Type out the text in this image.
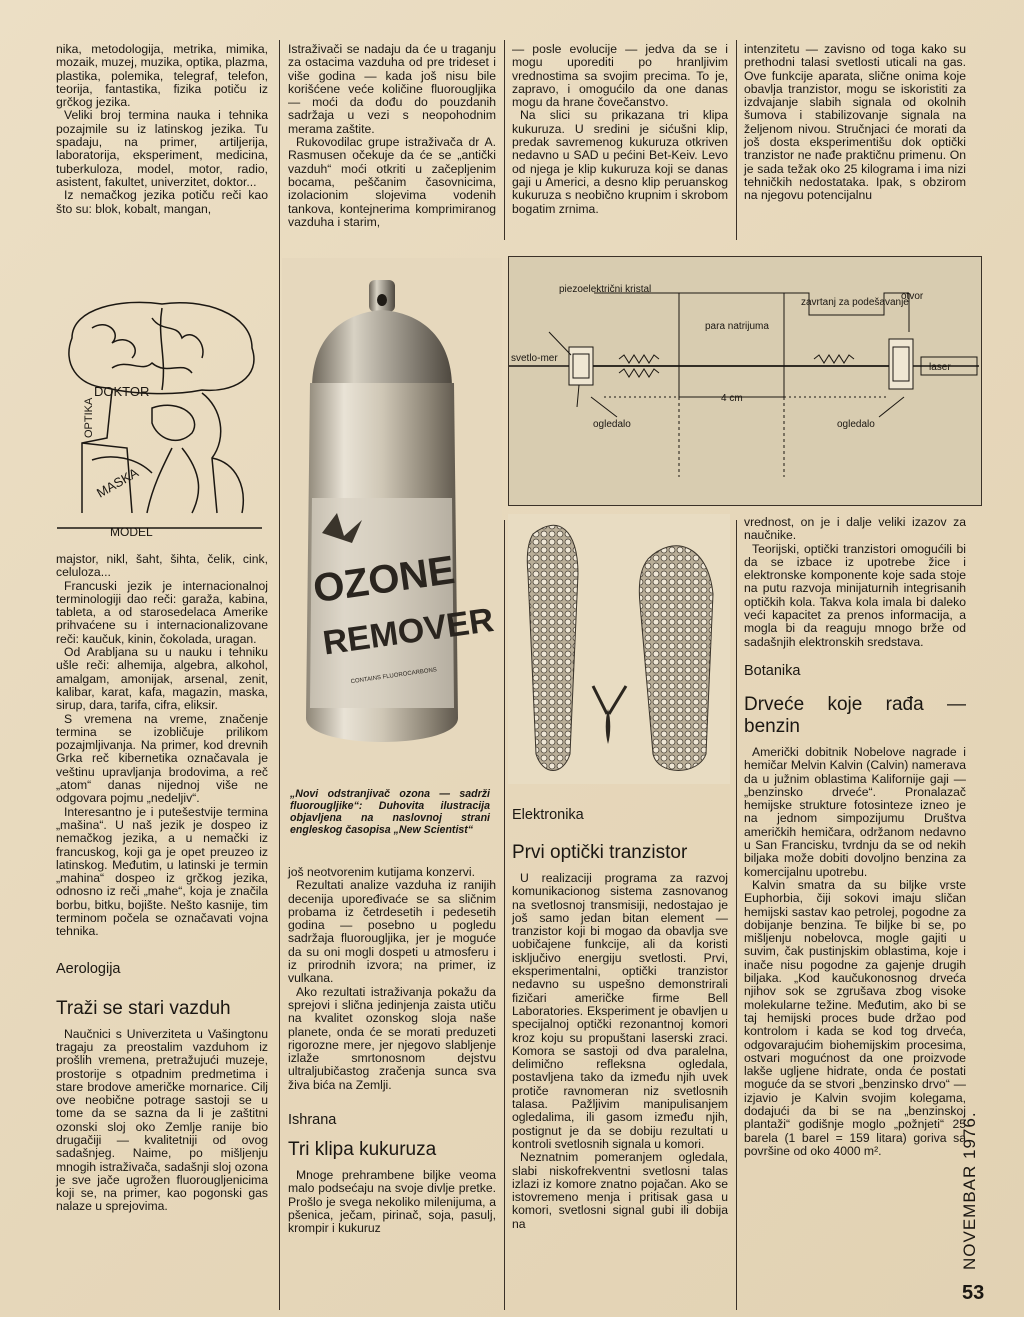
nika, metodologija, metrika, mimika, mozaik, muzej, muzika, optika, plazma, plastika, polemika, telegraf, telefon, teorija, fantastika, fizika potiču iz grčkog jezika.

Veliki broj termina nauka i tehnika pozajmile su iz latinskog jezika. Tu spadaju, na primer, artiljerija, laboratorija, eksperiment, medicina, tuberkuloza, model, motor, radio, asistent, fakultet, univerzitet, doktor...

Iz nemačkog jezika potiču reči kao što su: blok, kobalt, mangan,

DOKTOR
OPTIKA
MASKA
MODEL

majstor, nikl, šaht, šihta, čelik, cink, celuloza...

Francuski jezik je internacionalnoj terminologiji dao reči: garaža, kabina, tableta, a od starosedelaca Amerike prihvaćene su i internacionalizovane reči: kaučuk, kinin, čokolada, uragan.

Od Arabljana su u nauku i tehniku ušle reči: alhemija, algebra, alkohol, amalgam, amonijak, arsenal, zenit, kalibar, karat, kafa, magazin, maska, sirup, dara, tarifa, cifra, eliksir.

S vremena na vreme, značenje termina se izobličuje prilikom pozajmljivanja. Na primer, kod drevnih Grka reč kibernetika označavala je veštinu upravljanja brodovima, a reč „atom“ danas nijednoj više ne odgovara pojmu „nedeljiv“.

Interesantno je i putešestvije termina „mašina“. U naš jezik je dospeo iz nemačkog jezika, a u nemački iz francuskog, koji ga je opet preuzeo iz latinskog. Međutim, u latinski je termin „mahina“ dospeo iz grčkog jezika, odnosno iz reči „mahe“, koja je značila borbu, bitku, bojište. Nešto kasnije, tim terminom počela se označavati vojna tehnika.

Aerologija
Traži se stari vazduh

Naučnici s Univerziteta u Vašingtonu tragaju za preostalim vazduhom iz prošlih vremena, pretražujući muzeje, prostorije s otpadnim predmetima i stare brodove američke mornarice. Cilj ove neobične potrage sastoji se u tome da se sazna da li je zaštitni ozonski sloj oko Zemlje ranije bio drugačiji — kvalitetniji od ovog sadašnjeg. Naime, po mišljenju mnogih istraživača, sadašnji sloj ozona je sve jače ugrožen fluorougljenicima koji se, na primer, kao pogonski gas nalaze u sprejovima.

Istraživači se nadaju da će u traganju za ostacima vazduha od pre trideset i više godina — kada još nisu bile korišćene veće količine fluorougljika — moći da dođu do pouzdanih sadržaja u vezi s neopohodnim merama zaštite.

Rukovodilac grupe istraživača dr A. Rasmusen očekuje da će se „antički vazduh“ moći otkriti u začepljenim bocama, peščanim časovnicima, izolacionim slojevima vodenih tankova, kontejnerima komprimiranog vazduha i starim,

OZONE
REMOVER
CONTAINS FLUOROCARBONS

„Novi odstranjivač ozona — sadrži fluorougljike“: Duhovita ilustracija objavljena na naslovnoj strani engleskog časopisa „New Scientist“

još neotvorenim kutijama konzervi.

Rezultati analize vazduha iz ranijih decenija upoređivaće se sa sličnim probama iz četrdesetih i pedesetih godina — posebno u pogledu sadržaja fluorougljika, jer je moguće da su oni mogli dospeti u atmosferu i iz prirodnih izvora; na primer, iz vulkana.

Ako rezultati istraživanja pokažu da sprejovi i slična jedinjenja zaista utiču na kvalitet ozonskog sloja naše planete, onda će se morati preduzeti rigorozne mere, jer njegovo slabljenje izlaže smrtonosnom dejstvu ultraljubičastog zračenja sunca sva živa bića na Zemlji.

Ishrana
Tri klipa kukuruza

Mnoge prehrambene biljke veoma malo podsećaju na svoje divlje pretke. Prošlo je svega nekoliko milenijuma, a pšenica, ječam, pirinač, soja, pasulj, krompir i kukuruz

— posle evolucije — jedva da se i mogu uporediti po hranljivim vrednostima sa svojim precima. To je, zapravo, i omogućilo da one danas mogu da hrane čovečanstvo.

Na slici su prikazana tri klipa kukuruza. U sredini je sićušni klip, predak savremenog kukuruza otkriven nedavno u SAD u pećini Bet-Keiv. Levo od njega je klip kukuruza koji se danas gaji u Americi, a desno klip peruanskog kukuruza s neobično krupnim i skrobom bogatim zrnima.

intenzitetu — zavisno od toga kako su prethodni talasi svetlosti uticali na gas. Ove funkcije aparata, slične onima koje obavlja tranzistor, mogu se iskoristiti za izdvajanje slabih signala od okolnih šumova i stabilizovanje signala na željenom nivou. Stručnjaci će morati da još dosta eksperimentišu dok optički tranzistor ne nađe praktičnu primenu. On je sada težak oko 25 kilograma i ima nizi tehničkih nedostataka. Ipak, s obzirom na njegovu potencijalnu

piezoelektrični kristal
svetlo-mer
para natrijuma
zavrtanj za podešavanje
otvor
laser
ogledalo	ogledalo
4 cm
Elektronika
Prvi optički tranzistor

U realizaciji programa za razvoj komunikacionog sistema zasnovanog na svetlosnoj transmisiji, nedostajao je još samo jedan bitan element — tranzistor koji bi mogao da obavlja sve uobičajene funkcije, ali da koristi isključivo energiju svetlosti. Prvi, eksperimentalni, optički tranzistor nedavno su uspešno demonstrirali fizičari američke firme Bell Laboratories. Eksperiment je obavljen u specijalnoj optički rezonantnoj komori kroz koju su propuštani laserski zraci. Komora se sastoji od dva paralelna, delimično refleksna ogledala, postavljena tako da između njih uvek protiče ravnomeran niz svetlosnih talasa. Pažljivim manipulisanjem ogledalima, ili gasom između njih, postignut je da se dobiju rezultati u kontroli svetlosnih signala u komori.

Neznatnim pomeranjem ogledala, slabi niskofrekventni svetlosni talas izlazi iz komore znatno pojačan. Ako se istovremeno menja i pritisak gasa u komori, svetlosni signal gubi ili dobija na

vrednost, on je i dalje veliki izazov za naučnike.

Teorijski, optički tranzistori omogućili bi da se izbace iz upotrebe žice i elektronske komponente koje sada stoje na putu razvoja minijaturnih integrisanih optičkih kola. Takva kola imala bi daleko veći kapacitet za prenos informacija, a mogla bi da reaguju mnogo brže od sadašnjih elektronskih sredstava.

Botanika
Drveće koje rađa — benzin

Američki dobitnik Nobelove nagrade i hemičar Melvin Kalvin (Calvin) namerava da u južnim oblastima Kalifornije gaji — „benzinsko drveće“. Pronalazač hemijske strukture fotosinteze izneo je na jednom simpozijumu Društva američkih hemičara, održanom nedavno u San Francisku, tvrdnju da se od nekih biljaka može dobiti dovoljno benzina za komercijalnu upotrebu.

Kalvin smatra da su biljke vrste Euphorbia, čiji sokovi imaju sličan hemijski sastav kao petrolej, pogodne za dobijanje benzina. Te biljke bi se, po mišljenju nobelovca, mogle gajiti u suvim, čak pustinjskim oblastima, koje i inače nisu pogodne za gajenje drugih biljaka. „Kod kaučukonosnog drveća njihov sok se zgrušava zbog visoke molekularne težine. Međutim, ako bi se taj hemijski proces bude držao pod kontrolom i kada se kod tog drveća, odgovarajućim biohemijskim procesima, ostvari mogućnost da one proizvode lakše ugljene hidrate, onda će postati moguće da se stvori „benzinsko drvo“ — izjavio je Kalvin svojim kolegama, dodajući da bi se na „benzinskoj plantaži“ godišnje moglo „požnjeti“ 25 barela (1 barel = 159 litara) goriva sa površine od oko 4000 m².	NOVEMBAR 1976.
53
